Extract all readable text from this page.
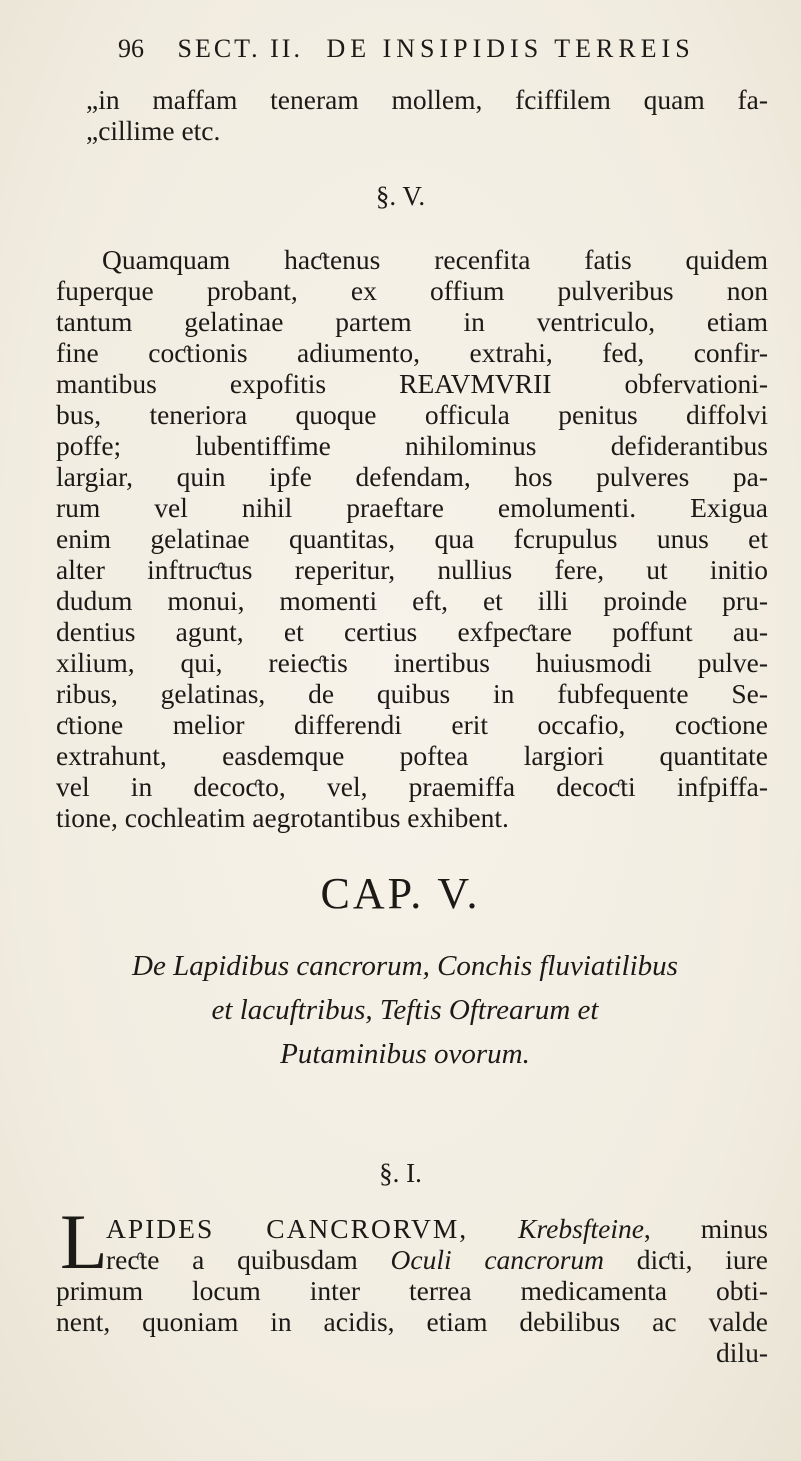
96 SECT. II. DE INSIPIDIS TERREIS
„in maffam teneram mollem, fciffilem quam fa-
„cillime etc.
§. V.
Quamquam haƈtenus recenfita fatis quidem
fuperque probant, ex offium pulveribus non
tantum gelatinae partem in ventriculo, etiam
fine coƈtionis adiumento, extrahi, fed, confir-
mantibus expofitis REAVMVRII obfervationi-
bus, teneriora quoque officula penitus diffolvi
poffe; lubentiffime nihilominus defiderantibus
largiar, quin ipfe defendam, hos pulveres pa-
rum vel nihil praeftare emolumenti. Exigua
enim gelatinae quantitas, qua fcrupulus unus et
alter inftruƈtus reperitur, nullius fere, ut initio
dudum monui, momenti eft, et illi proinde pru-
dentius agunt, et certius exfpeƈtare poffunt au-
xilium, qui, reieƈtis inertibus huiusmodi pulve-
ribus, gelatinas, de quibus in fubfequente Se-
ƈtione melior differendi erit occafio, coƈtione
extrahunt, easdemque poftea largiori quantitate
vel in decoƈto, vel, praemiffa decoƈti infpiffa-
tione, cochleatim aegrotantibus exhibent.
CAP. V.
De Lapidibus cancrorum, Conchis fluviatilibus
et lacuftribus, Teftis Oftrearum et
Putaminibus ovorum.
§. I.
L
APIDES CANCRORVM, Krebsfteine, minus
reƈte a quibusdam Oculi cancrorum diƈti, iure
primum locum inter terrea medicamenta obti-
nent, quoniam in acidis, etiam debilibus ac valde
dilu-
